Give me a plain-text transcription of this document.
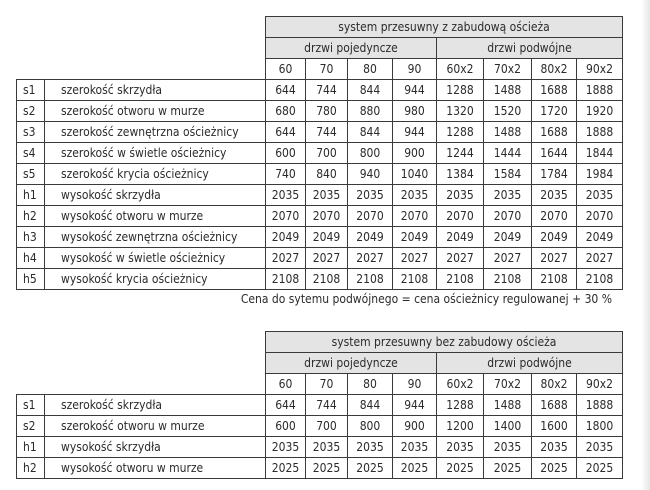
		system przesuwny z zabudową ościeża							
		drzwi pojedyncze				drzwi podwójne			
		60	70	80	90	60x2	70x2	80x2	90x2
s1	szerokość skrzydła	644	744	844	944	1288	1488	1688	1888
s2	szerokość otworu w murze	680	780	880	980	1320	1520	1720	1920
s3	szerokość zewnętrzna ościeżnicy	644	744	844	944	1288	1488	1688	1888
s4	szerokość w świetle ościeżnicy	600	700	800	900	1244	1444	1644	1844
s5	szerokość krycia ościeżnicy	740	840	940	1040	1384	1584	1784	1984
h1	wysokość skrzydła	2035	2035	2035	2035	2035	2035	2035	2035
h2	wysokość otworu w murze	2070	2070	2070	2070	2070	2070	2070	2070
h3	wysokość zewnętrzna ościeżnicy	2049	2049	2049	2049	2049	2049	2049	2049
h4	wysokość w świetle ościeżnicy	2027	2027	2027	2027	2027	2027	2027	2027
h5	wysokość krycia ościeżnicy	2108	2108	2108	2108	2108	2108	2108	2108
Cena do sytemu podwójnego = cena ościeżnicy regulowanej + 30 %
		system przesuwny bez zabudowy ościeża							
		drzwi pojedyncze				drzwi podwójne			
		60	70	80	90	60x2	70x2	80x2	90x2
s1	szerokość skrzydła	644	744	844	944	1288	1488	1688	1888
s2	szerokość otworu w murze	600	700	800	900	1200	1400	1600	1800
h1	wysokość skrzydła	2035	2035	2035	2035	2035	2035	2035	2035
h2	wysokość otworu w murze	2025	2025	2025	2025	2025	2025	2025	2025
